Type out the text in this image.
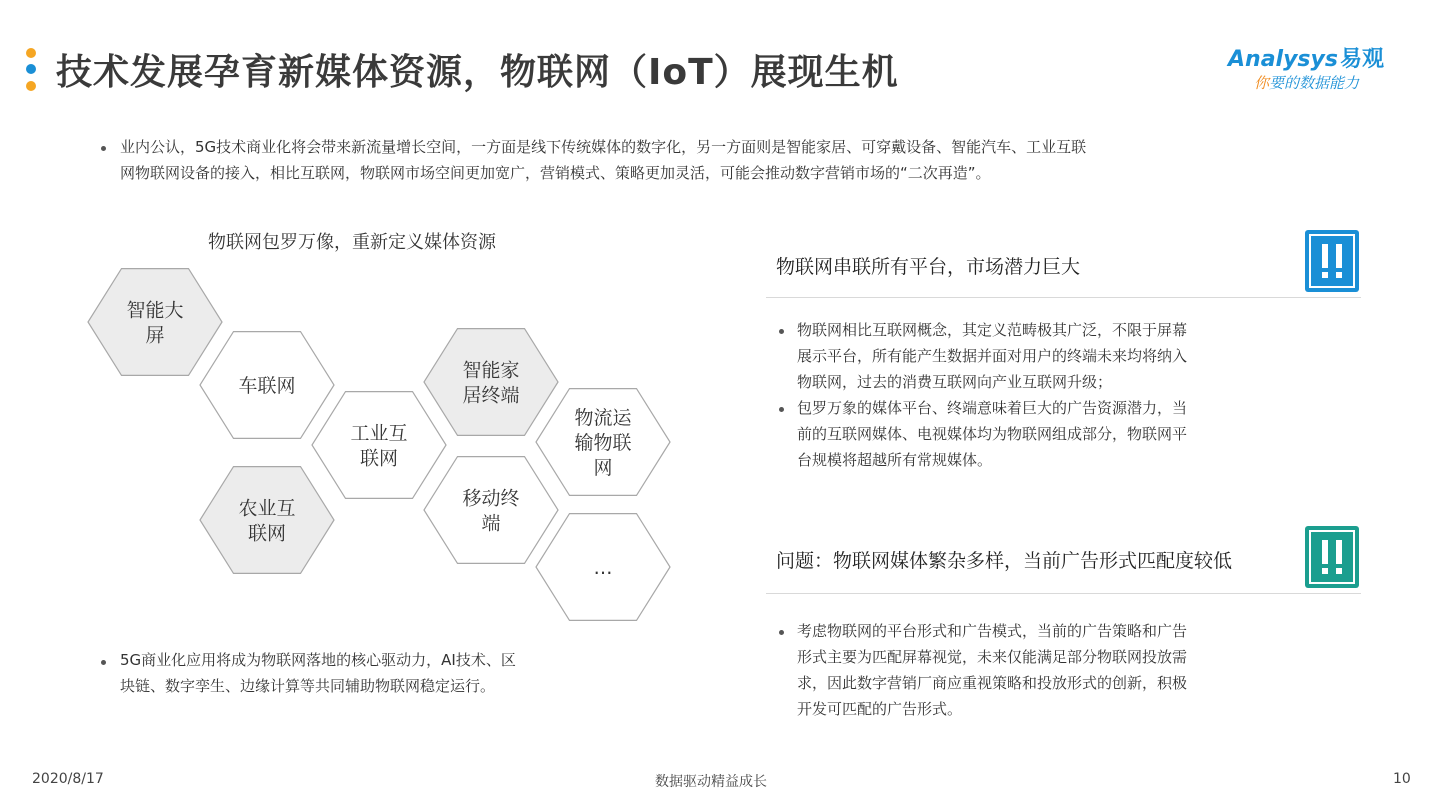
技术发展孕育新媒体资源，物联网（IoT）展现生机	Analysys易观
你要的数据能力
业内公认，5G技术商业化将会带来新流量增长空间，一方面是线下传统媒体的数字化，另一方面则是智能家居、可穿戴设备、智能汽车、工业互联
网物联网设备的接入，相比互联网，物联网市场空间更加宽广，营销模式、策略更加灵活，可能会推动数字营销市场的“二次再造”。
物联网包罗万像，重新定义媒体资源
智能大
屏
车联网
工业互
联网
农业互
联网
智能家
居终端
移动终
端
物流运
输物联
网
…
5G商业化应用将成为物联网落地的核心驱动力，AI技术、区
块链、数字孪生、边缘计算等共同辅助物联网稳定运行。
物联网串联所有平台，市场潜力巨大
物联网相比互联网概念，其定义范畴极其广泛，不限于屏幕
展示平台，所有能产生数据并面对用户的终端未来均将纳入
物联网，过去的消费互联网向产业互联网升级；
包罗万象的媒体平台、终端意味着巨大的广告资源潜力，当
前的互联网媒体、电视媒体均为物联网组成部分，物联网平
台规模将超越所有常规媒体。
问题：物联网媒体繁杂多样，当前广告形式匹配度较低
考虑物联网的平台形式和广告模式，当前的广告策略和广告
形式主要为匹配屏幕视觉，未来仅能满足部分物联网投放需
求，因此数字营销厂商应重视策略和投放形式的创新，积极
开发可匹配的广告形式。
2020/8/17	数据驱动精益成长	10
